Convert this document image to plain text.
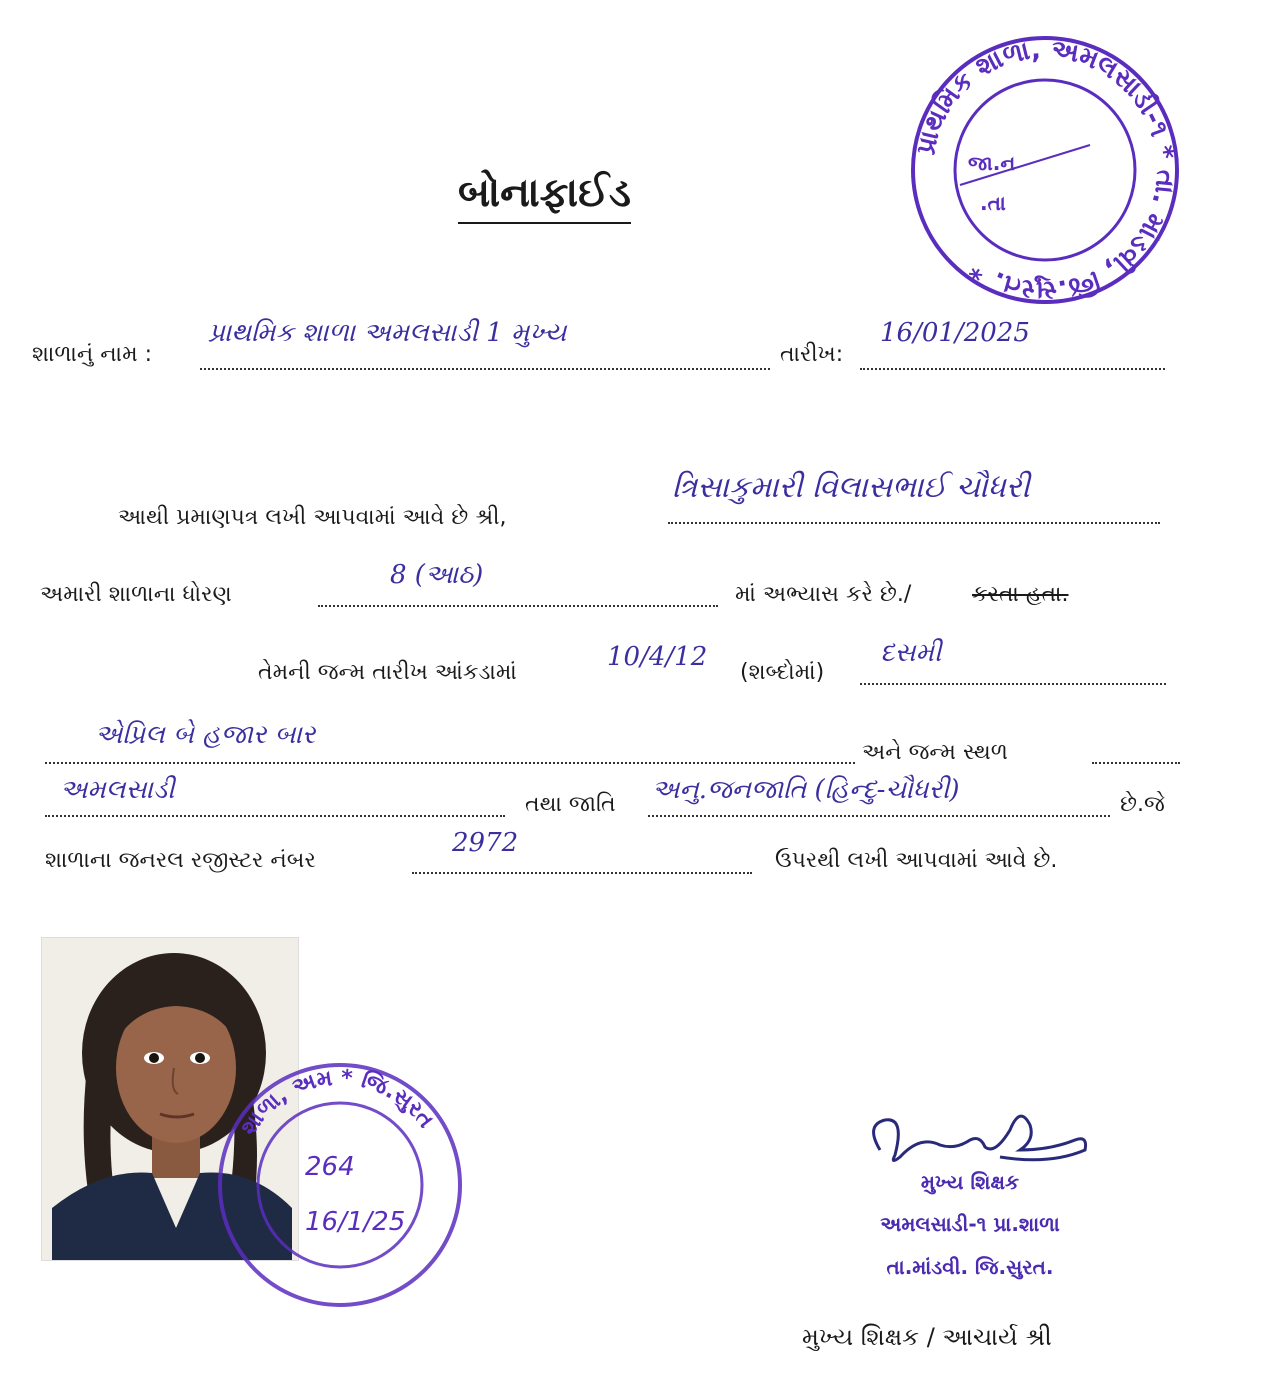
બોનાફાઈડ
પ્રાથમિક શાળા, અમલસાડી-૧ * તા. માંડવી, જિ.સુરત. *
જા.ન
.તા
શાળાનું નામ :
પ્રાથમિક શાળા અમલસાડી 1 મુખ્ય
તારીખ:
16/01/2025
આથી પ્રમાણપત્ર લખી આપવામાં આવે છે શ્રી,
ત્રિસાકુમારી વિલાસભાઈ ચૌધરી
અમારી શાળાના ધોરણ
8 (આઠ)
માં અભ્યાસ કરે છે./	કરતા હતા.
તેમની જન્મ તારીખ આંકડામાં
10/4/12
(શબ્દોમાં)
દસમી
એપ્રિલ બે હજાર બાર
અને જન્મ સ્થળ
અમલસાડી	તથા જાતિ અનુ.જનજાતિ (હિન્દુ-ચૌધરી)	છે.જે
શાળાના જનરલ રજીસ્ટર નંબર
2972
ઉપરથી લખી આપવામાં આવે છે.
શાળા, અમ * જિ.સુરત
264
16/1/25
મુખ્ય શિક્ષક
અમલસાડી-૧ પ્રા.શાળા
તા.માંડવી. જિ.સુરત.
મુખ્ય શિક્ષક / આચાર્ય શ્રી
